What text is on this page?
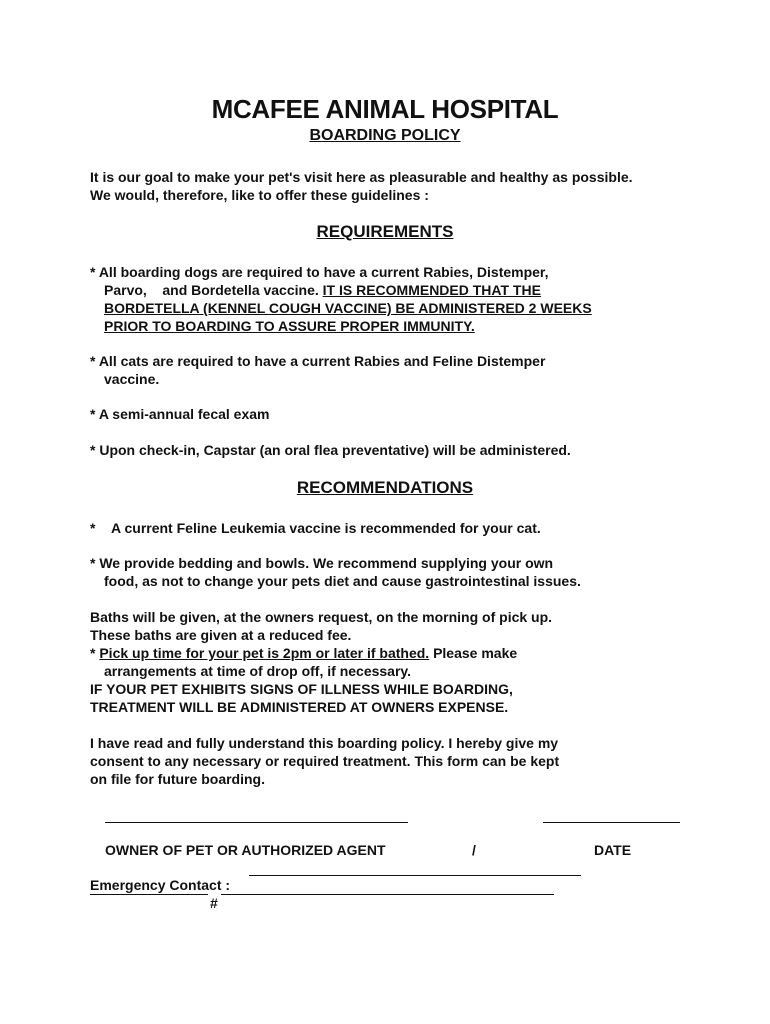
MCAFEE ANIMAL HOSPITAL
BOARDING POLICY
It is our goal to make your pet's visit here as pleasurable and healthy as possible.
We would, therefore, like to offer these guidelines :
REQUIREMENTS
* All boarding dogs are required to have a current Rabies, Distemper,
Parvo,    and Bordetella vaccine. IT IS RECOMMENDED THAT THE
BORDETELLA (KENNEL COUGH VACCINE) BE ADMINISTERED 2 WEEKS
PRIOR TO BOARDING TO ASSURE PROPER IMMUNITY.
* All cats are required to have a current Rabies and Feline Distemper
vaccine.
* A semi-annual fecal exam
* Upon check-in, Capstar (an oral flea preventative) will be administered.
RECOMMENDATIONS
* A current Feline Leukemia vaccine is recommended for your cat.
* We provide bedding and bowls. We recommend supplying your own
food, as not to change your pets diet and cause gastrointestinal issues.
Baths will be given, at the owners request, on the morning of pick up.
These baths are given at a reduced fee.
* Pick up time for your pet is 2pm or later if bathed. Please make
arrangements at time of drop off, if necessary.
IF YOUR PET EXHIBITS SIGNS OF ILLNESS WHILE BOARDING,
TREATMENT WILL BE ADMINISTERED AT OWNERS EXPENSE.
I have read and fully understand this boarding policy. I hereby give my
consent to any necessary or required treatment. This form can be kept
on file for future boarding.
OWNER OF PET OR AUTHORIZED AGENT	/	DATE
Emergency Contact :
#
